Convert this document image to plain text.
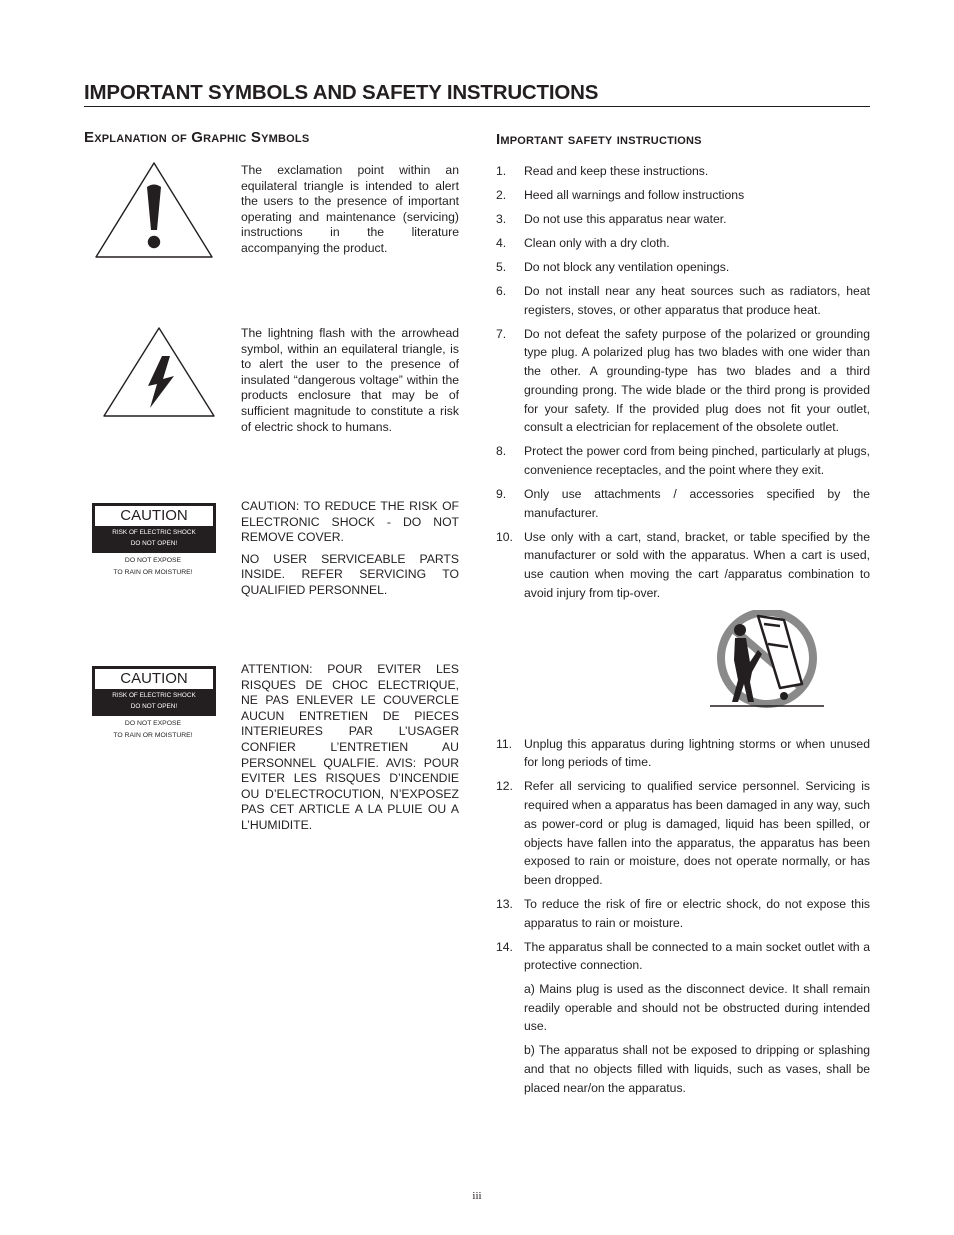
IMPORTANT SYMBOLS AND SAFETY INSTRUCTIONS
Explanation of Graphic Symbols
The exclamation point within an equilateral triangle is intended to alert the users to the presence of important operating and maintenance (servicing) instructions in the literature accompanying the product.
The lightning flash with the arrowhead symbol, within an equilateral triangle, is to alert the user to the presence of insulated “dangerous voltage” within the products enclosure that may be of sufficient magnitude to constitute a risk of electric shock to humans.
CAUTION
RISK OF ELECTRIC SHOCK
DO NOT OPEN!
DO NOT EXPOSE
TO RAIN OR MOISTURE!

CAUTION: TO REDUCE THE RISK OF ELECTRONIC SHOCK - DO NOT REMOVE COVER.

NO USER SERVICEABLE PARTS INSIDE. REFER SERVICING TO QUALIFIED PERSONNEL.

CAUTION
RISK OF ELECTRIC SHOCK
DO NOT OPEN!
DO NOT EXPOSE
TO RAIN OR MOISTURE!

ATTENTION: POUR EVITER LES RISQUES DE CHOC ELECTRIQUE, NE PAS ENLEVER LE COUVERCLE AUCUN ENTRETIEN DE PIECES INTERIEURES PAR L’USAGER CONFIER L’ENTRETIEN AU PERSONNEL QUALFIE. AVIS: POUR EVITER LES RISQUES D’INCENDIE OU D’ELECTROCUTION, N’EXPOSEZ PAS CET ARTICLE A LA PLUIE OU A L’HUMIDITE.

Important safety instructions
1. Read and keep these instructions.
2. Heed all warnings and follow instructions
3. Do not use this apparatus near water.
4. Clean only with a dry cloth.
5. Do not block any ventilation openings.
6. Do not install near any heat sources such as radiators, heat registers, stoves, or other apparatus that produce heat.
7. Do not defeat the safety purpose of the polarized or grounding type plug. A polarized plug has two blades with one wider than the other. A grounding-type has two blades and a third grounding prong. The wide blade or the third prong is provided for your safety. If the provided plug does not fit your outlet, consult a electrician for replacement of the obsolete outlet.
8. Protect the power cord from being pinched, particularly at plugs, convenience receptacles, and the point where they exit.
9. Only use attachments / accessories specified by the manufacturer.
10. Use only with a cart, stand, bracket, or table specified by the manufacturer or sold with the apparatus. When a cart is used, use caution when moving the cart /apparatus combination to avoid injury from tip-over.
11. Unplug this apparatus during lightning storms or when unused for long periods of time.
12. Refer all servicing to qualified service personnel. Servicing is required when a apparatus has been damaged in any way, such as power-cord or plug is damaged, liquid has been spilled, or objects have fallen into the apparatus, the apparatus has been exposed to rain or moisture, does not operate normally, or has been dropped.
13. To reduce the risk of fire or electric shock, do not expose this apparatus to rain or moisture.
14. The apparatus shall be connected to a main socket outlet with a protective connection.

a) Mains plug is used as the disconnect device. It shall remain readily operable and should not be obstructed during intended use.

b) The apparatus shall not be exposed to dripping or splashing and that no objects filled with liquids, such as vases, shall be placed near/on the apparatus.

iii
